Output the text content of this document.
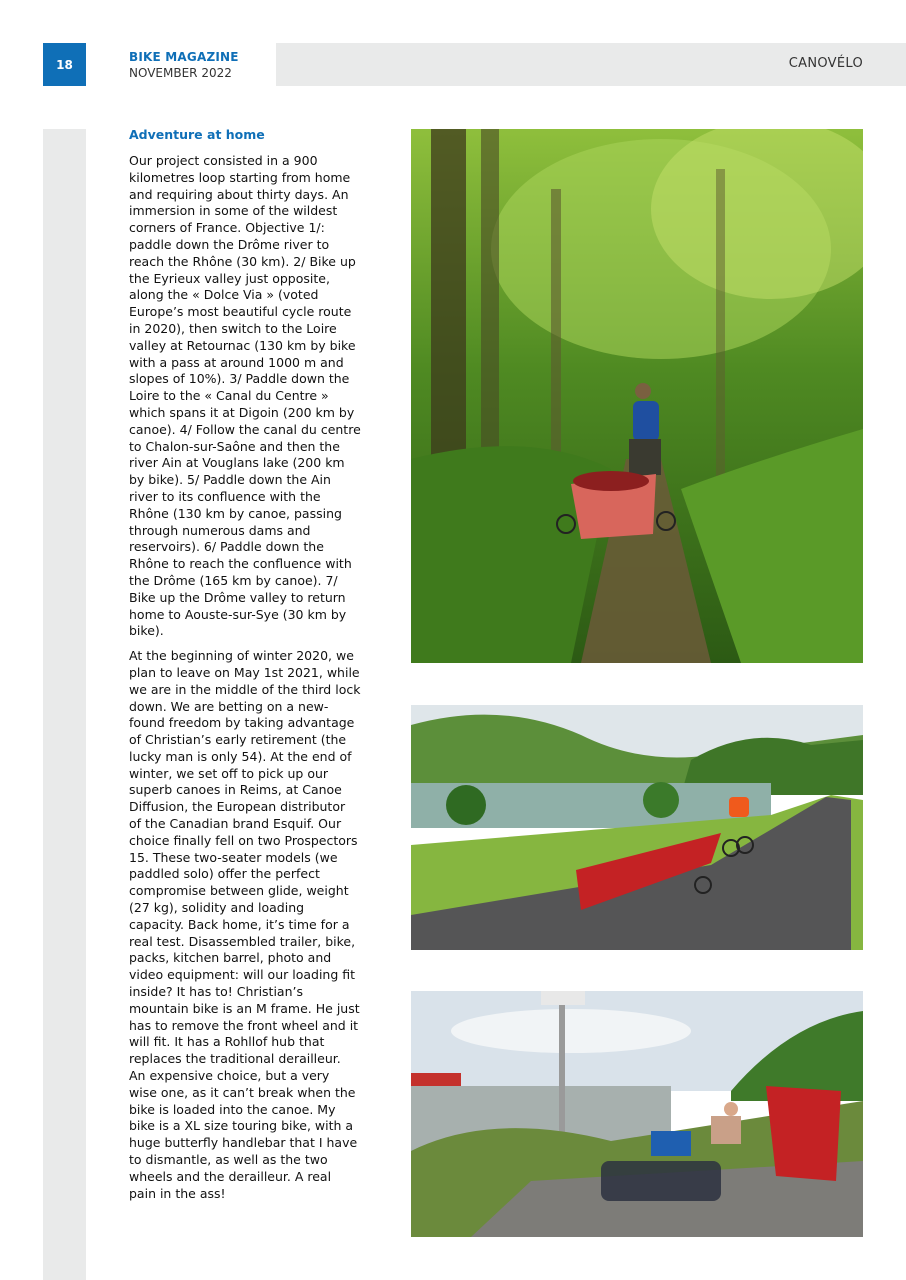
18
BIKE MAGAZINE
NOVEMBER 2022
CANOVÉLO
Adventure at home

Our project consisted in a 900 kilometres loop starting from home and requiring about thirty days. An immersion in some of the wildest corners of France. Objective 1/: paddle down the Drôme river to reach the Rhône (30 km). 2/ Bike up the Eyrieux valley just opposite, along the « Dolce Via » (voted Europe’s most beautiful cycle route in 2020), then switch to the Loire valley at Retournac (130 km by bike with a pass at around 1000 m and slopes of 10%). 3/ Paddle down the Loire to the « Canal du Centre » which spans it at Digoin (200 km by canoe). 4/ Follow the canal du centre to Chalon-sur-Saône and then the river Ain at Vouglans lake (200 km by bike). 5/ Paddle down the Ain river to its confluence with the Rhône (130 km by canoe, passing through numerous dams and reservoirs). 6/ Paddle down the Rhône to reach the confluence with the Drôme (165 km by canoe). 7/ Bike up the Drôme valley to return home to Aouste-sur-Sye (30 km by bike).

At the beginning of winter 2020, we plan to leave on May 1st 2021, while we are in the middle of the third lock down. We are betting on a new-found freedom by taking advantage of Christian’s early retirement (the lucky man is only 54). At the end of winter, we set off to pick up our superb canoes in Reims, at Canoe Diffusion, the European distributor of the Canadian brand Esquif. Our choice finally fell on two Prospectors 15. These two-seater models (we paddled solo) offer the perfect compromise between glide, weight (27 kg), solidity and loading capacity. Back home, it’s time for a real test. Disassembled trailer, bike, packs, kitchen barrel, photo and video equipment: will our loading fit inside? It has to! Christian’s mountain bike is an M frame. He just has to remove the front wheel and it will fit. It has a Rohllof hub that replaces the traditional derailleur. An expensive choice, but a very wise one, as it can’t break when the bike is loaded into the canoe. My bike is a XL size touring bike, with a huge butterfly handlebar that I have to dismantle, as well as the two wheels and the derailleur. A real pain in the ass!
